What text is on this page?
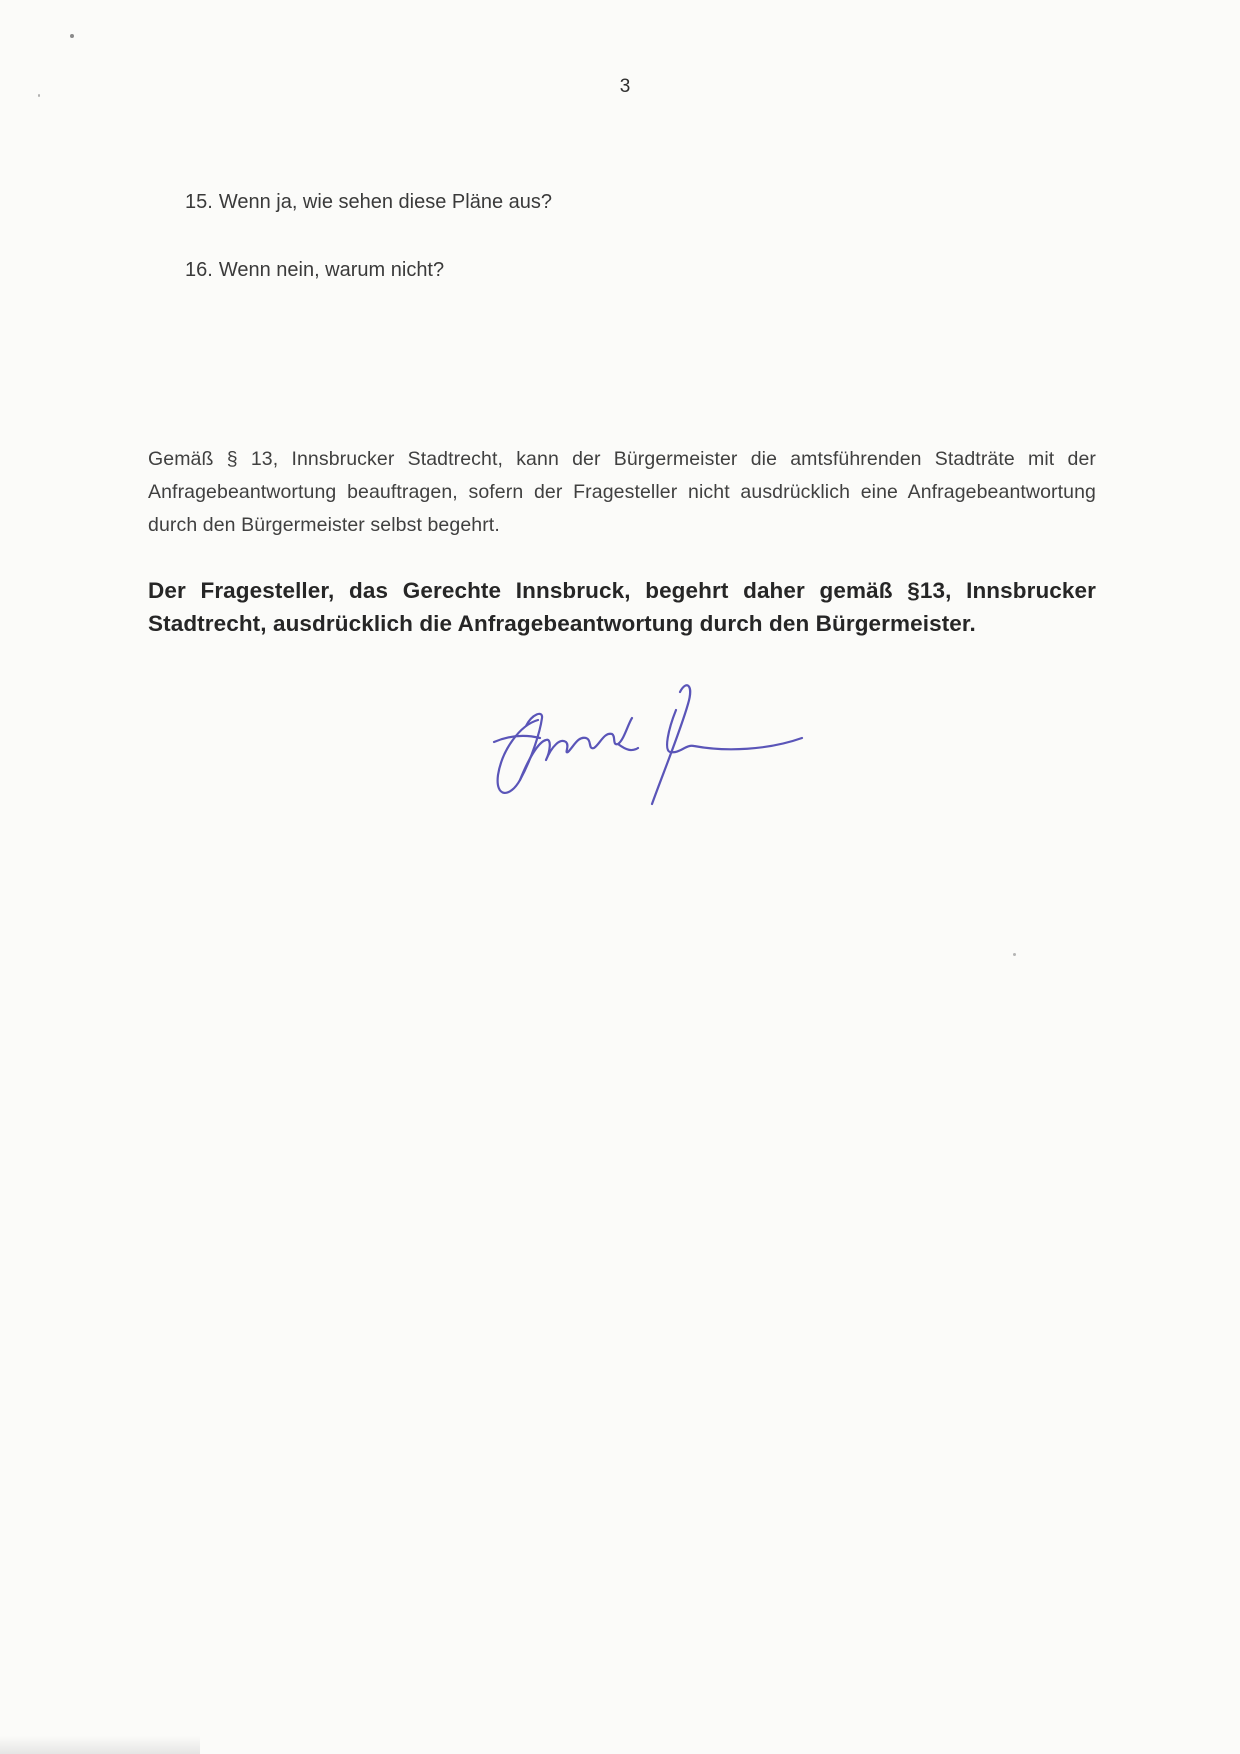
3
15. Wenn ja, wie sehen diese Pläne aus?
16. Wenn nein, warum nicht?

Gemäß § 13, Innsbrucker Stadtrecht, kann der Bürgermeister die amtsführenden Stadträte mit der Anfragebeantwortung beauftragen, sofern der Fragesteller nicht ausdrücklich eine Anfragebeantwortung durch den Bürgermeister selbst begehrt.

Der Fragesteller, das Gerechte Innsbruck, begehrt daher gemäß §13, Innsbrucker Stadtrecht, ausdrücklich die Anfragebeantwortung durch den Bürgermeister.
